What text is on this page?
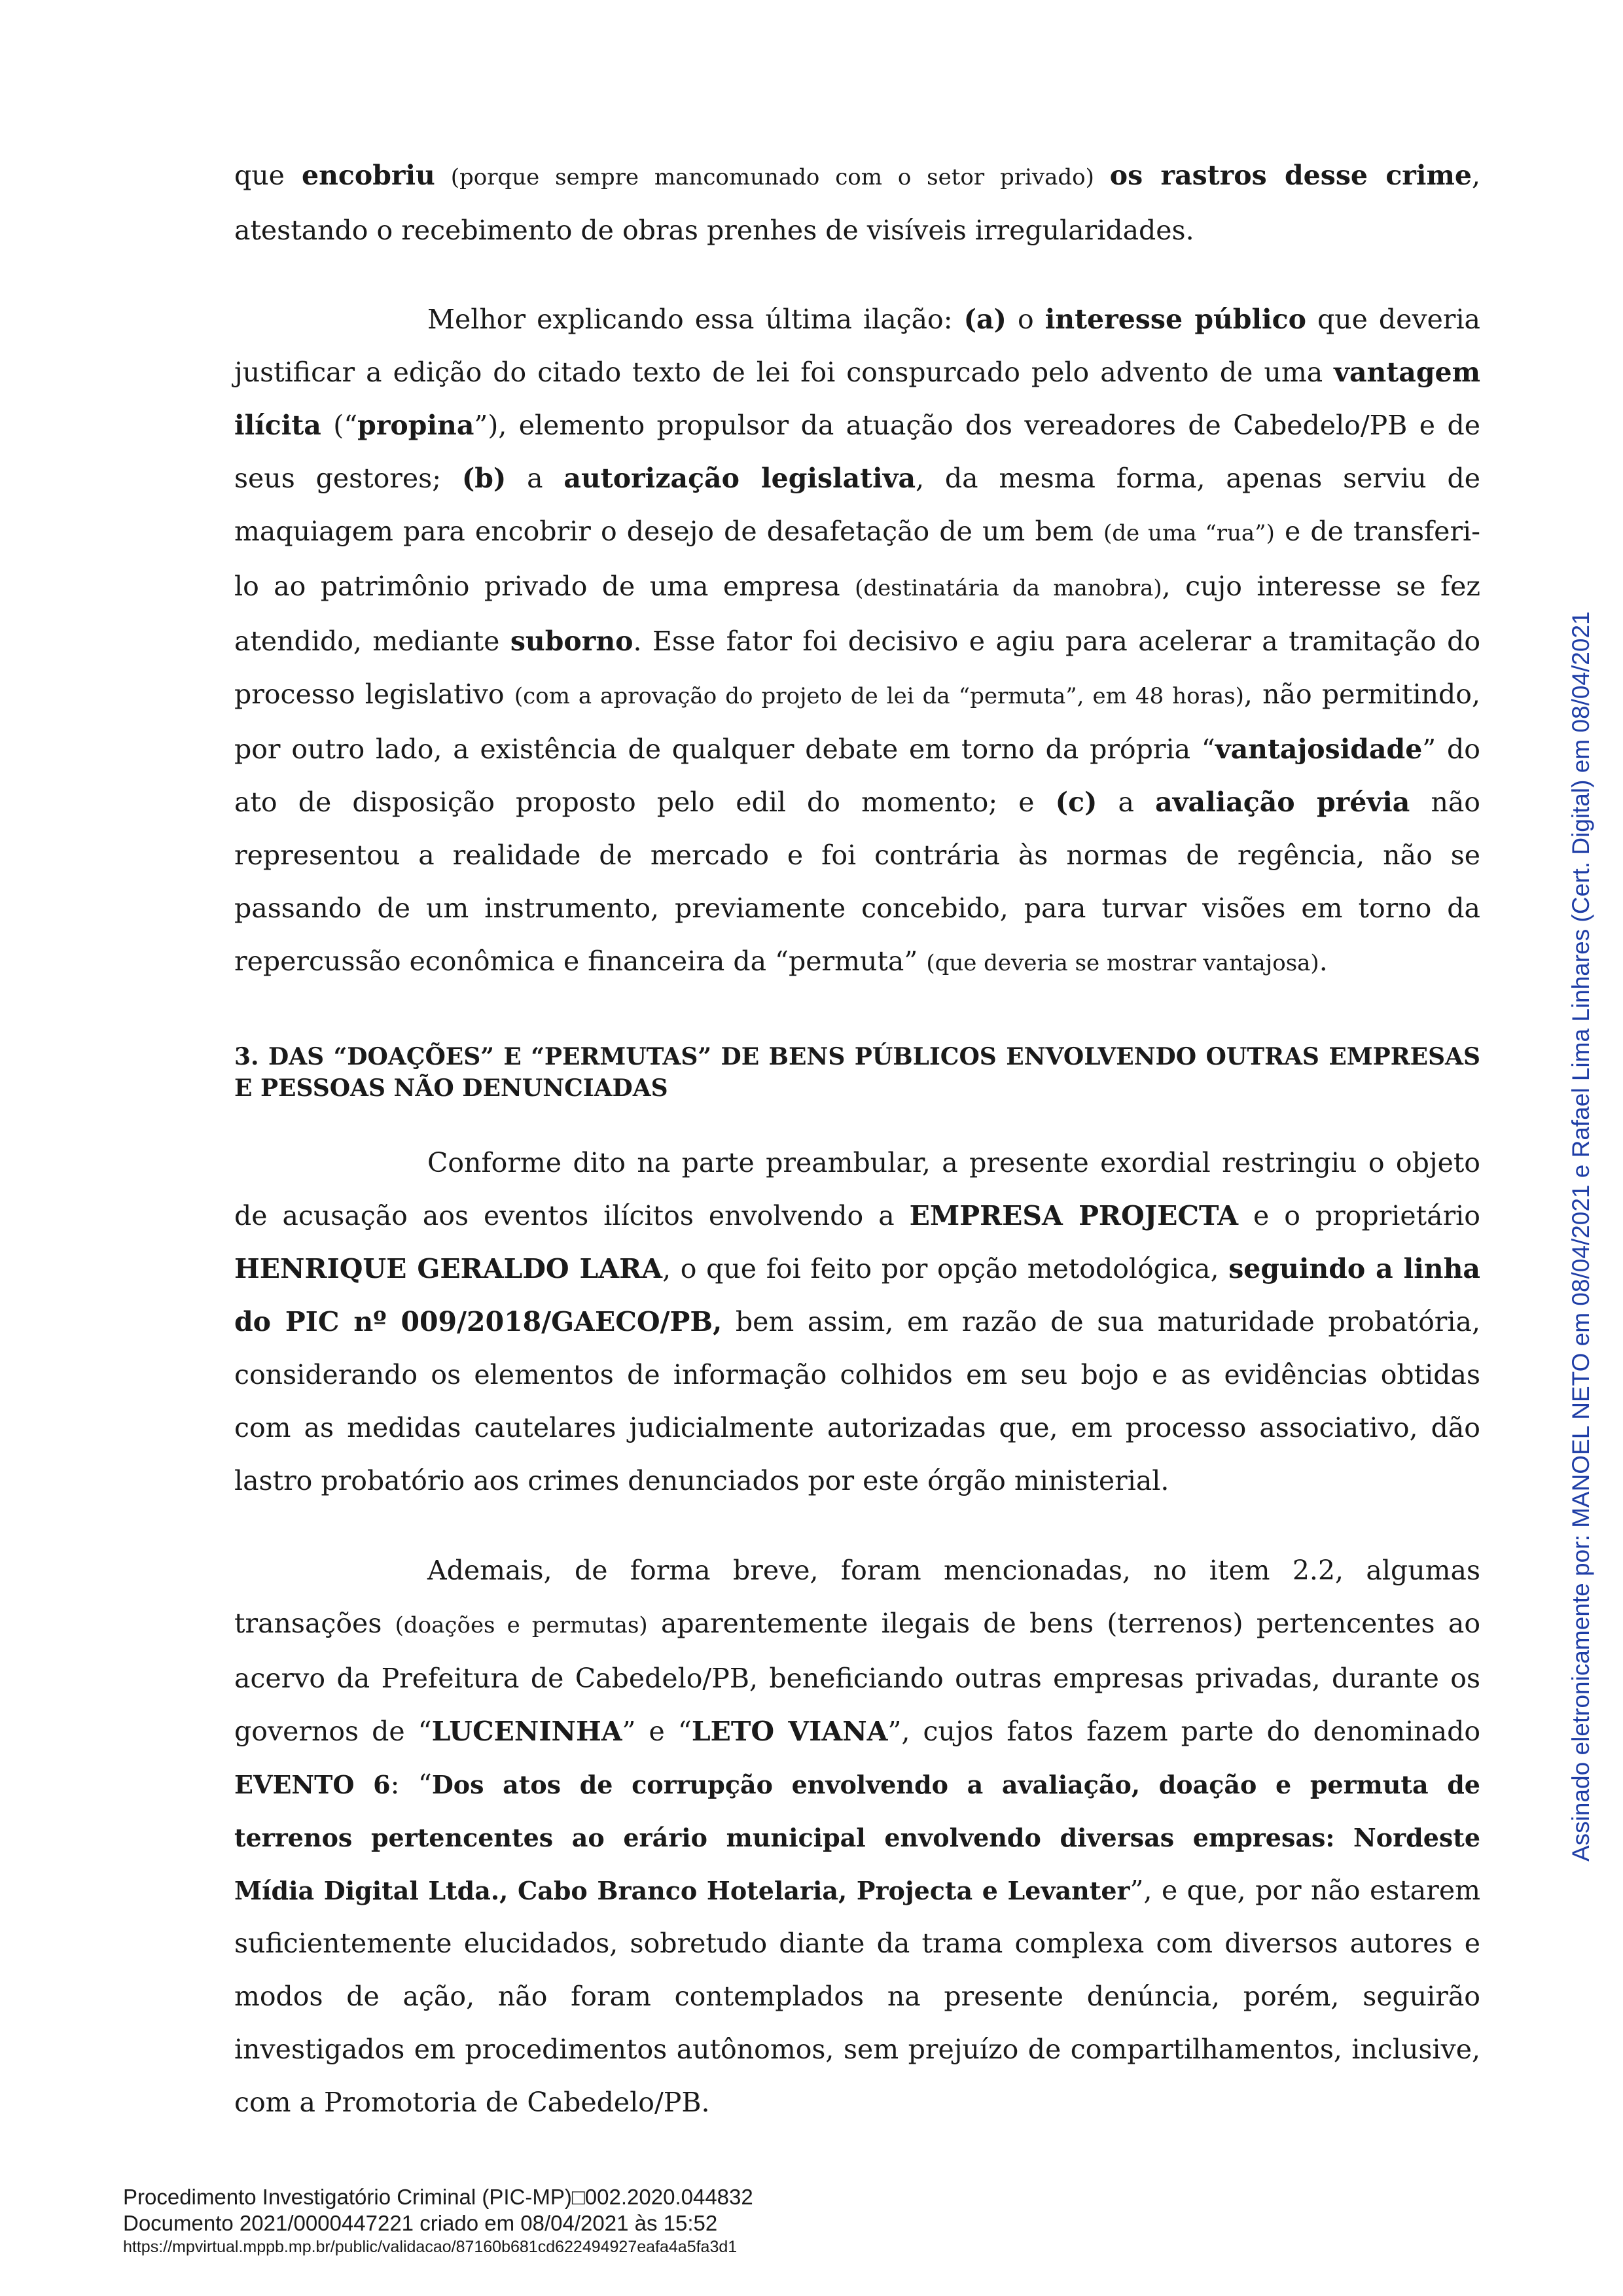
que encobriu (porque sempre mancomunado com o setor privado) os rastros desse crime, atestando o recebimento de obras prenhes de visíveis irregularidades.

Melhor explicando essa última ilação: (a) o interesse público que deveria justificar a edição do citado texto de lei foi conspurcado pelo advento de uma vantagem ilícita (“propina”), elemento propulsor da atuação dos vereadores de Cabedelo/PB e de seus gestores; (b) a autorização legislativa, da mesma forma, apenas serviu de maquiagem para encobrir o desejo de desafetação de um bem (de uma “rua”) e de transferi-lo ao patrimônio privado de uma empresa (destinatária da manobra), cujo interesse se fez atendido, mediante suborno. Esse fator foi decisivo e agiu para acelerar a tramitação do processo legislativo (com a aprovação do projeto de lei da “permuta”, em 48 horas), não permitindo, por outro lado, a existência de qualquer debate em torno da própria “vantajosidade” do ato de disposição proposto pelo edil do momento; e (c) a avaliação prévia não representou a realidade de mercado e foi contrária às normas de regência, não se passando de um instrumento, previamente concebido, para turvar visões em torno da repercussão econômica e financeira da “permuta” (que deveria se mostrar vantajosa).

3. DAS “DOAÇÕES” E “PERMUTAS” DE BENS PÚBLICOS ENVOLVENDO OUTRAS EMPRESAS E PESSOAS NÃO DENUNCIADAS

Conforme dito na parte preambular, a presente exordial restringiu o objeto de acusação aos eventos ilícitos envolvendo a EMPRESA PROJECTA e o proprietário HENRIQUE GERALDO LARA, o que foi feito por opção metodológica, seguindo a linha do PIC nº 009/2018/GAECO/PB, bem assim, em razão de sua maturidade probatória, considerando os elementos de informação colhidos em seu bojo e as evidências obtidas com as medidas cautelares judicialmente autorizadas que, em processo associativo, dão lastro probatório aos crimes denunciados por este órgão ministerial.

Ademais, de forma breve, foram mencionadas, no item 2.2, algumas transações (doações e permutas) aparentemente ilegais de bens (terrenos) pertencentes ao acervo da Prefeitura de Cabedelo/PB, beneficiando outras empresas privadas, durante os governos de “LUCENINHA” e “LETO VIANA”, cujos fatos fazem parte do denominado EVENTO 6: “Dos atos de corrupção envolvendo a avaliação, doação e permuta de terrenos pertencentes ao erário municipal envolvendo diversas empresas: Nordeste Mídia Digital Ltda., Cabo Branco Hotelaria, Projecta e Levanter”, e que, por não estarem suficientemente elucidados, sobretudo diante da trama complexa com diversos autores e modos de ação, não foram contemplados na presente denúncia, porém, seguirão investigados em procedimentos autônomos, sem prejuízo de compartilhamentos, inclusive, com a Promotoria de Cabedelo/PB.

Assinado eletronicamente por: MANOEL NETO em 08/04/2021 e Rafael Lima Linhares (Cert. Digital) em 08/04/2021
Procedimento Investigatório Criminal (PIC-MP)□002.2020.044832
Documento 2021/0000447221 criado em 08/04/2021 às 15:52
https://mpvirtual.mppb.mp.br/public/validacao/87160b681cd622494927eafa4a5fa3d1
